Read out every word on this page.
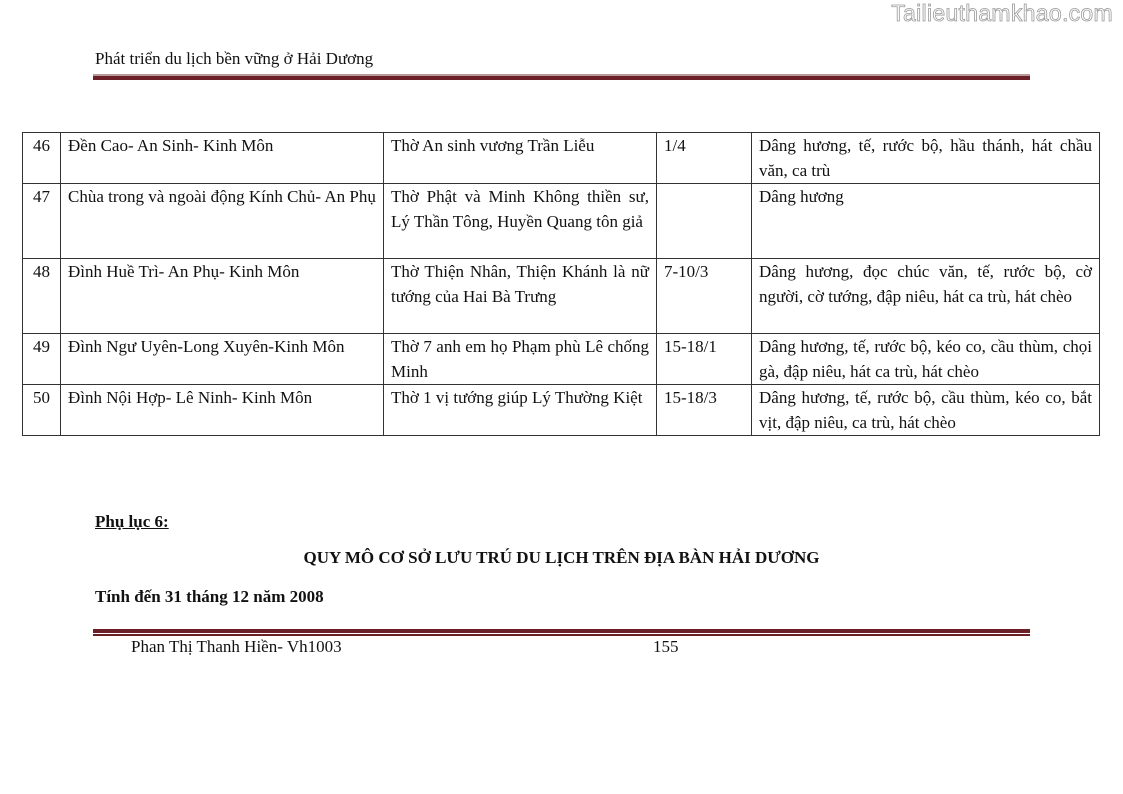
Tailieuthamkhao.com
Phát triển du lịch bền vững ở Hải Dương
46	Đền Cao- An Sinh- Kinh Môn	Thờ An sinh vương Trần Liễu	1/4	Dâng hương, tế, rước bộ, hầu thánh, hát chầu văn, ca trù
47	Chùa trong và ngoài động Kính Chủ- An Phụ	Thờ Phật và Minh Không thiền sư, Lý Thần Tông, Huyền Quang tôn giả		Dâng hương
48	Đình Huề Trì- An Phụ- Kinh Môn	Thờ Thiện Nhân, Thiện Khánh là nữ tướng của Hai Bà Trưng	7-10/3	Dâng hương, đọc chúc văn, tế, rước bộ, cờ người, cờ tướng, đập niêu, hát ca trù, hát chèo
49	Đình Ngư Uyên-Long Xuyên-Kinh Môn	Thờ 7 anh em họ Phạm phù Lê chống Minh	15-18/1	Dâng hương, tế, rước bộ, kéo co, cầu thùm, chọi gà, đập niêu, hát ca trù, hát chèo
50	Đình Nội Hợp- Lê Ninh- Kinh Môn	Thờ 1 vị tướng giúp Lý Thường Kiệt	15-18/3	Dâng hương, tế, rước bộ, cầu thùm, kéo co, bắt vịt, đập niêu, ca trù, hát chèo
Phụ lục 6:
QUY MÔ CƠ SỞ LƯU TRÚ DU LỊCH TRÊN ĐỊA BÀN HẢI DƯƠNG
Tính đến 31 tháng 12 năm 2008
Phan Thị Thanh Hiền- Vh1003	155
